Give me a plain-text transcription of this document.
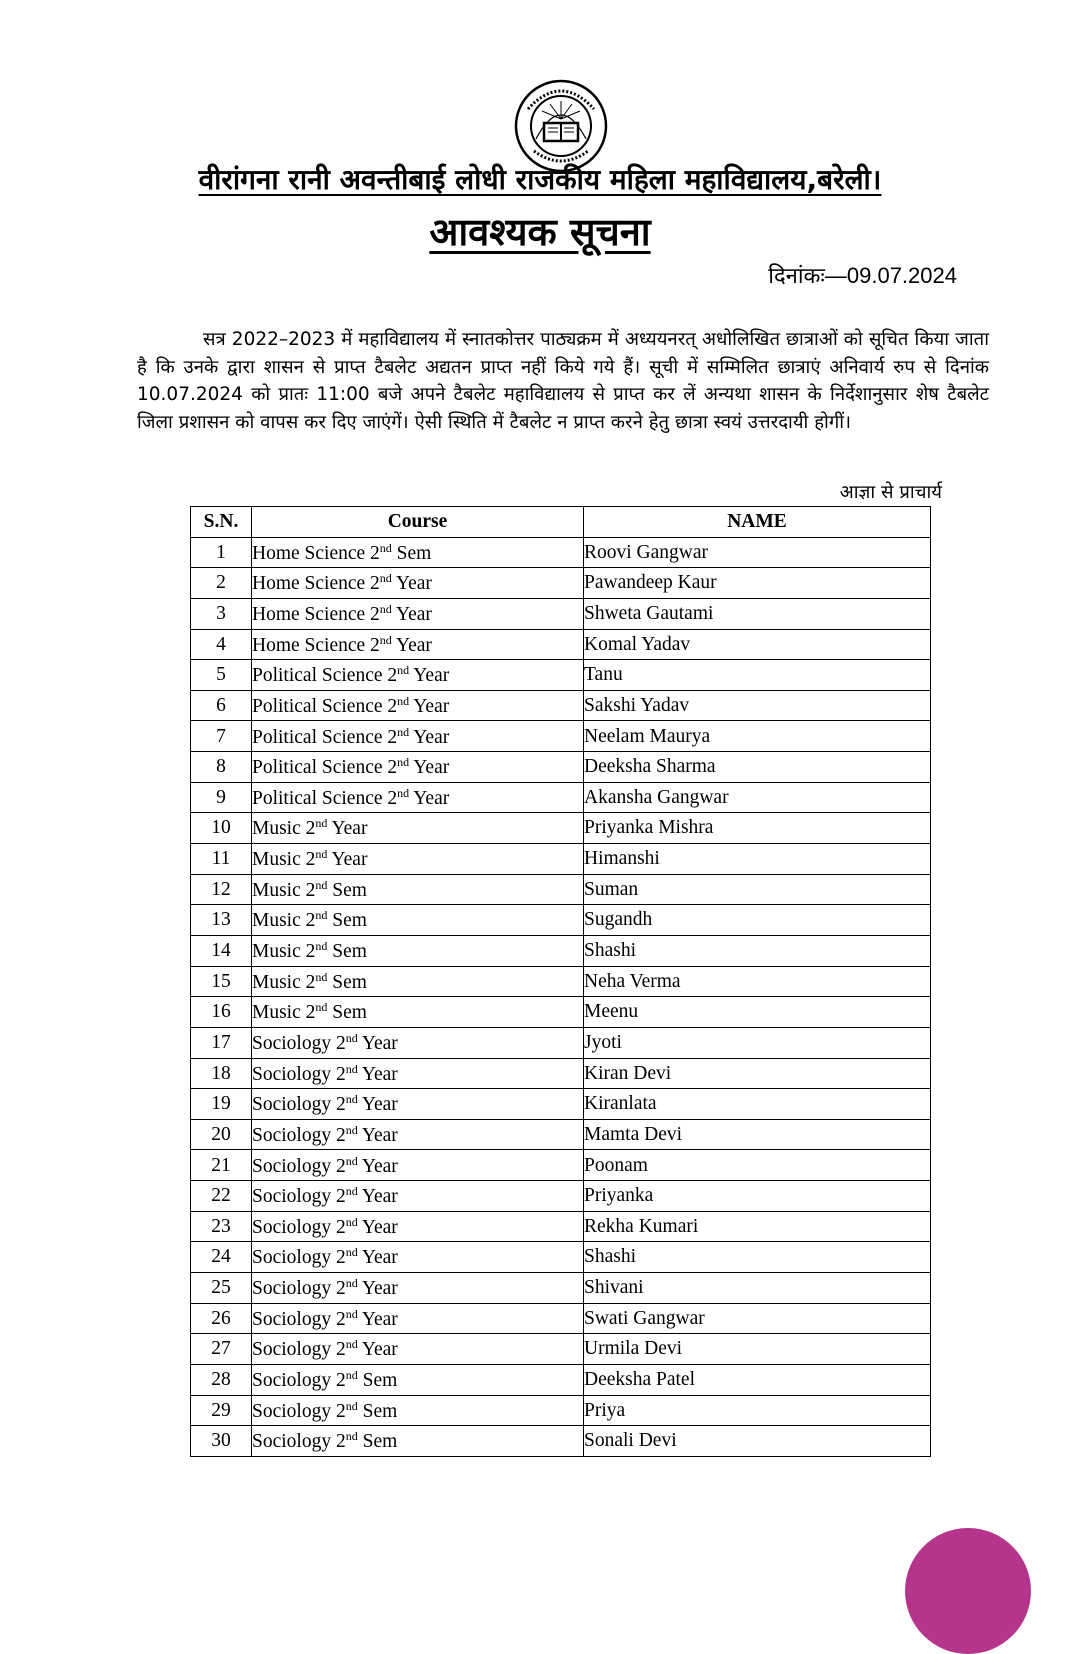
वीरांगना रानी अवन्तीबाई लोधी राजकीय महिला महाविद्यालय,बरेली।
आवश्यक सूचना
दिनांकः—09.07.2024

सत्र 2022–2023 में महाविद्यालय में स्नातकोत्तर पाठ्यक्रम में अध्ययनरत् अधोलिखित छात्राओं को सूचित किया जाता है कि उनके द्वारा शासन से प्राप्त टैबलेट अद्यतन प्राप्त नहीं किये गये हैं। सूची में सम्मिलित छात्राएं अनिवार्य रुप से दिनांक 10.07.2024 को प्रातः 11:00 बजे अपने टैबलेट महाविद्यालय से प्राप्त कर लें अन्यथा शासन के निर्देशानुसार शेष टैबलेट जिला प्रशासन को वापस कर दिए जाएंगें। ऐसी स्थिति में टैबलेट न प्राप्त करने हेतु छात्रा स्वयं उत्तरदायी होगीं।

आज्ञा से प्राचार्य
S.N.	Course	NAME
1	Home Science 2nd Sem	Roovi Gangwar
2	Home Science 2nd Year	Pawandeep Kaur
3	Home Science 2nd Year	Shweta Gautami
4	Home Science 2nd Year	Komal Yadav
5	Political Science 2nd Year	Tanu
6	Political Science 2nd Year	Sakshi Yadav
7	Political Science 2nd Year	Neelam Maurya
8	Political Science 2nd Year	Deeksha Sharma
9	Political Science 2nd Year	Akansha Gangwar
10	Music 2nd Year	Priyanka Mishra
11	Music 2nd Year	Himanshi
12	Music 2nd Sem	Suman
13	Music 2nd Sem	Sugandh
14	Music 2nd Sem	Shashi
15	Music 2nd Sem	Neha Verma
16	Music 2nd Sem	Meenu
17	Sociology 2nd Year	Jyoti
18	Sociology 2nd Year	Kiran Devi
19	Sociology 2nd Year	Kiranlata
20	Sociology 2nd Year	Mamta Devi
21	Sociology 2nd Year	Poonam
22	Sociology 2nd Year	Priyanka
23	Sociology 2nd Year	Rekha Kumari
24	Sociology 2nd Year	Shashi
25	Sociology 2nd Year	Shivani
26	Sociology 2nd Year	Swati Gangwar
27	Sociology 2nd Year	Urmila Devi
28	Sociology 2nd Sem	Deeksha Patel
29	Sociology 2nd Sem	Priya
30	Sociology 2nd Sem	Sonali Devi
